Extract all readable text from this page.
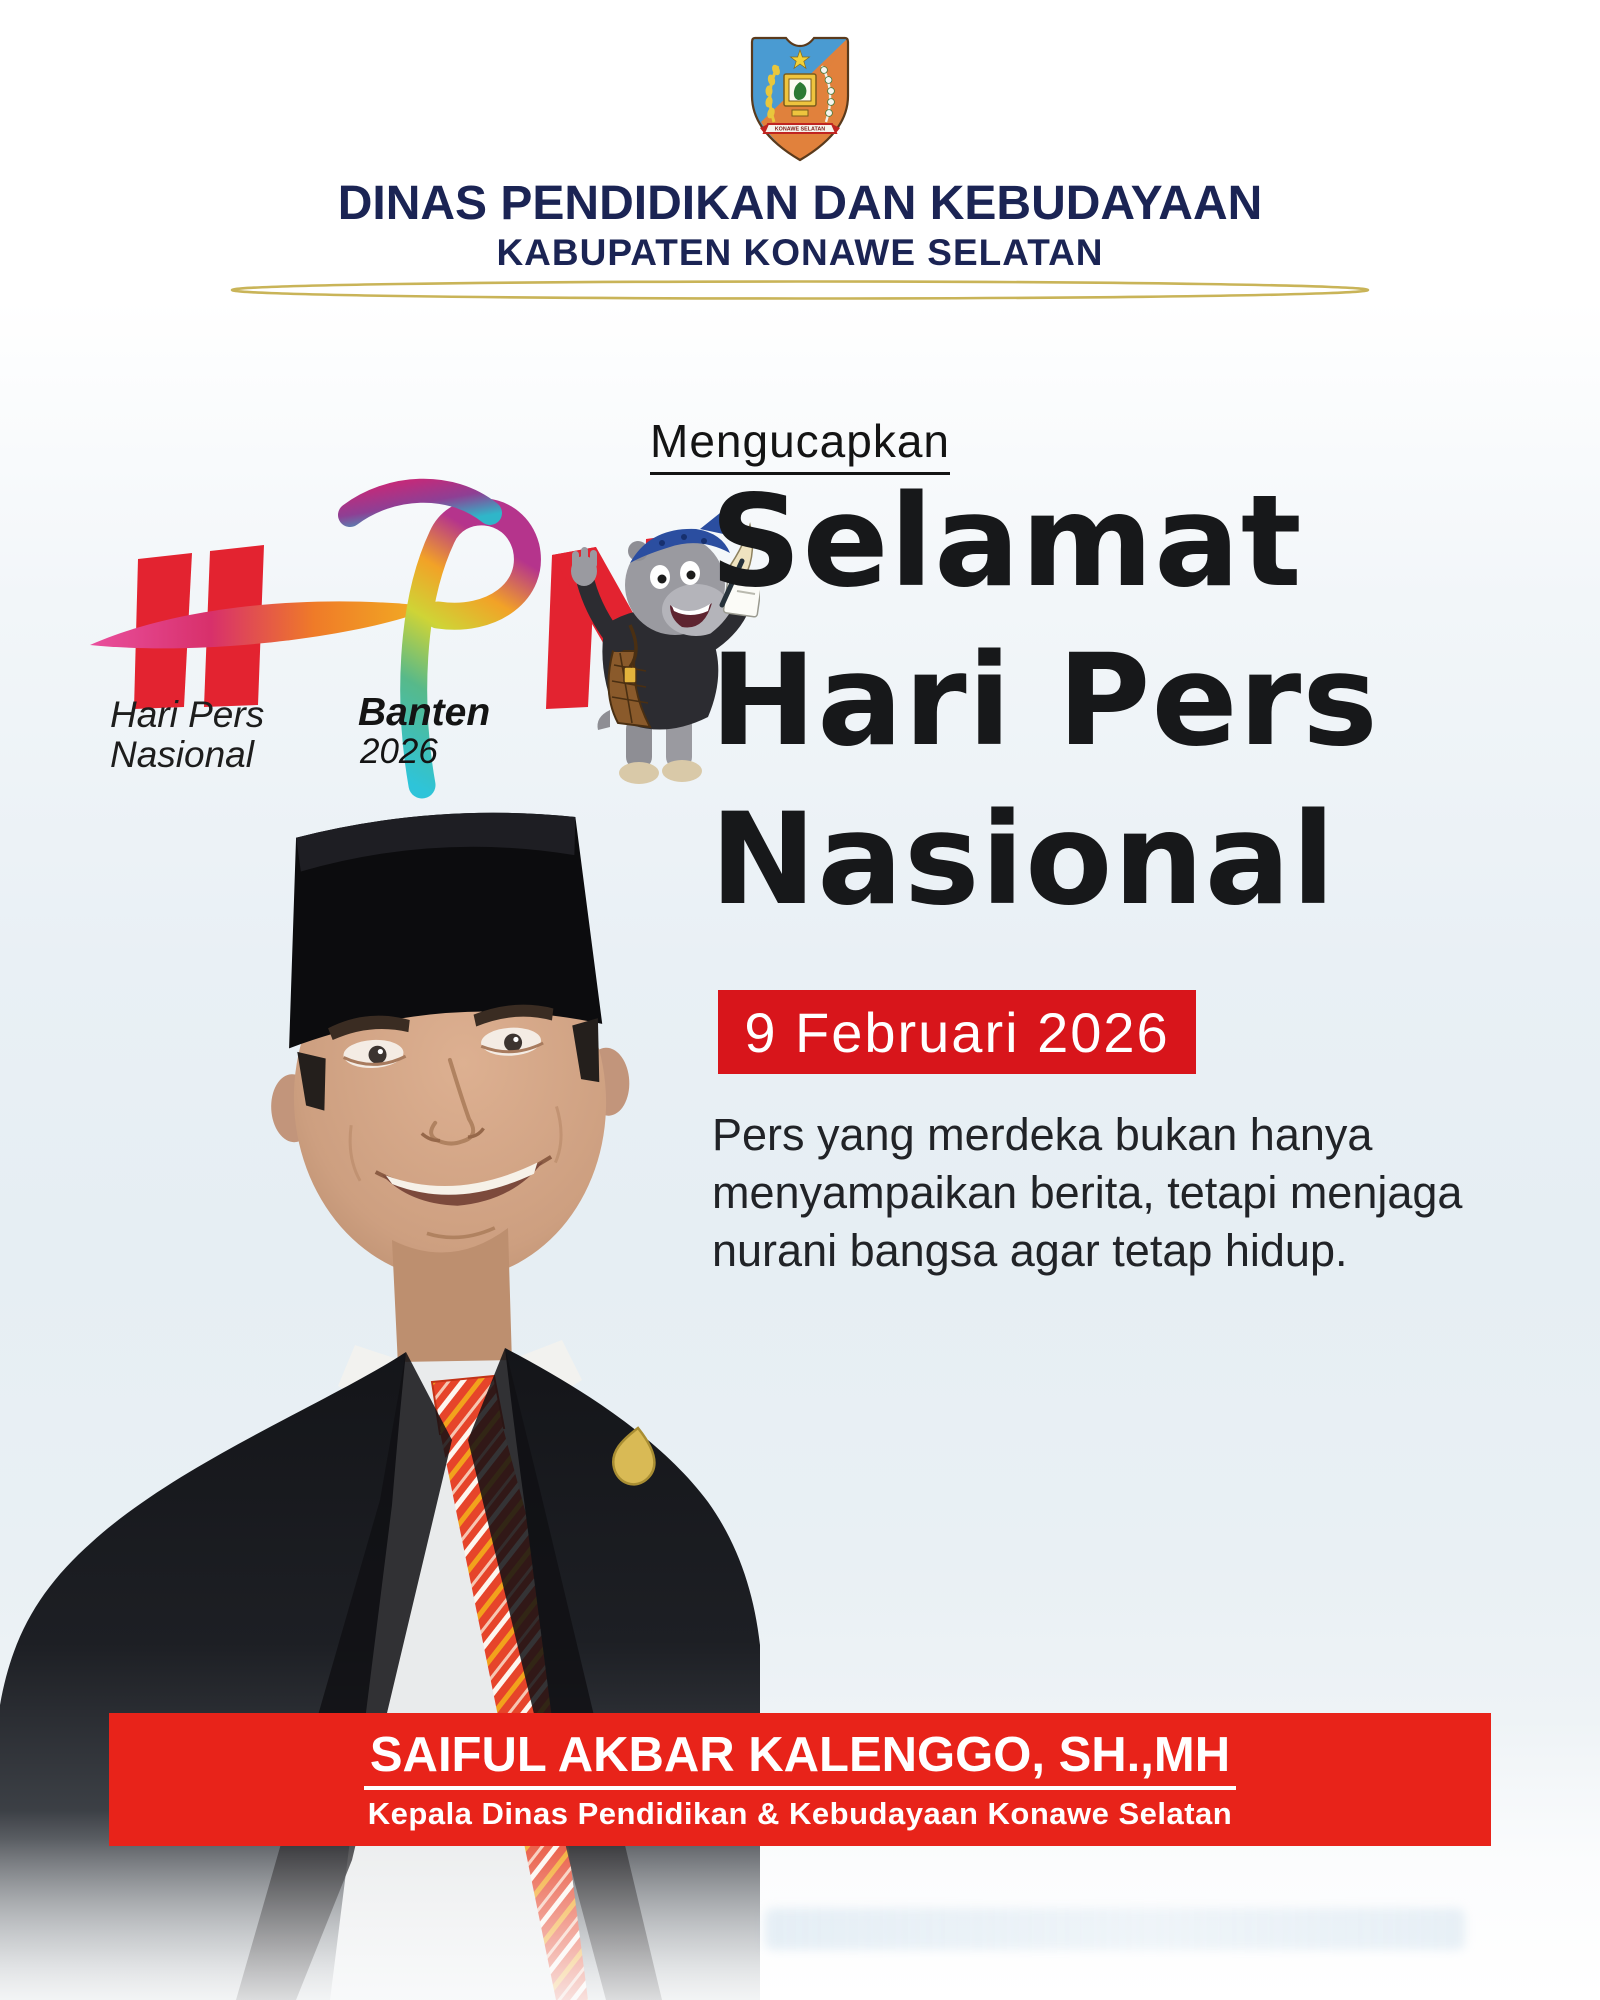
KONAWE SELATAN
DINAS PENDIDIKAN DAN KEBUDAYAAN
KABUPATEN KONAWE SELATAN
Mengucapkan
Hari Pers
Nasional
Banten
2026
Selamat
Hari Pers
Nasional
9 Februari 2026
Pers yang merdeka bukan hanya
menyampaikan berita, tetapi menjaga
nurani bangsa agar tetap hidup.
SAIFUL AKBAR KALENGGO, SH.,MH
Kepala Dinas Pendidikan & Kebudayaan Konawe Selatan
